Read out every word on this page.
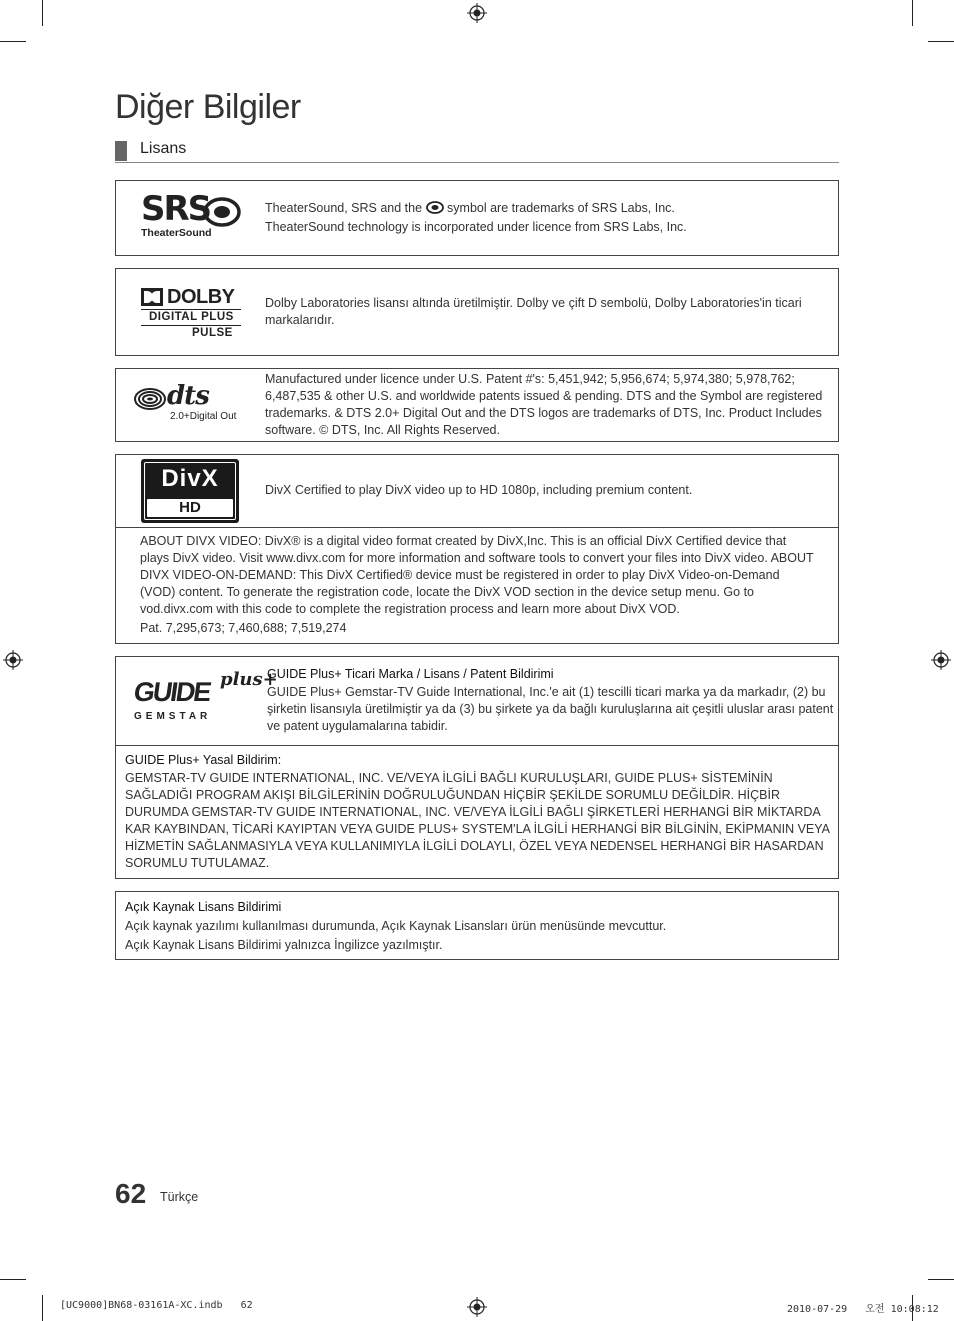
Diğer Bilgiler
Lisans
SRS
TheaterSound

TheaterSound, SRS and the symbol are trademarks of SRS Labs, Inc.

TheaterSound technology is incorporated under licence from SRS Labs, Inc.

DOLBY
DIGITAL PLUS
PULSE
Dolby Laboratories lisansı altında üretilmiştir. Dolby ve çift D sembolü, Dolby Laboratories'in ticari markalarıdır.
dts
2.0+Digital Out
Manufactured under licence under U.S. Patent #'s: 5,451,942; 5,956,674; 5,974,380; 5,978,762; 6,487,535 & other U.S. and worldwide patents issued & pending. DTS and the Symbol are registered trademarks. & DTS 2.0+ Digital Out and the DTS logos are trademarks of DTS, Inc. Product Includes software. © DTS, Inc. All Rights Reserved.
DivX
HD
DivX Certified to play DivX video up to HD 1080p, including premium content.
ABOUT DIVX VIDEO: DivX® is a digital video format created by DivX,Inc. This is an official DivX Certified device that plays DivX video. Visit www.divx.com for more information and software tools to convert your files into DivX video. ABOUT DIVX VIDEO-ON-DEMAND: This DivX Certified® device must be registered in order to play DivX Video-on-Demand (VOD) content. To generate the registration code, locate the DivX VOD section in the device setup menu. Go to vod.divx.com with this code to complete the registration process and learn more about DivX VOD.
Pat. 7,295,673; 7,460,688; 7,519,274
GUIDE plus+
GEMSTAR

GUIDE Plus+ Ticari Marka / Lisans / Patent Bildirimi

GUIDE Plus+ Gemstar-TV Guide International, Inc.'e ait (1) tescilli ticari marka ya da markadır, (2) bu şirketin lisansıyla üretilmiştir ya da (3) bu şirkete ya da bağlı kuruluşlarına ait çeşitli uluslar arası patent ve patent uygulamalarına tabidir.

GUIDE Plus+ Yasal Bildirim:

GEMSTAR-TV GUIDE INTERNATIONAL, INC. VE/VEYA İLGİLİ BAĞLI KURULUŞLARI, GUIDE PLUS+ SİSTEMİNİN SAĞLADIĞI PROGRAM AKIŞI BİLGİLERİNİN DOĞRULUĞUNDAN HİÇBİR ŞEKİLDE SORUMLU DEĞİLDİR. HİÇBİR DURUMDA GEMSTAR-TV GUIDE INTERNATIONAL, INC. VE/VEYA İLGİLİ BAĞLI ŞİRKETLERİ HERHANGİ BİR MİKTARDA KAR KAYBINDAN, TİCARİ KAYIPTAN VEYA GUIDE PLUS+ SYSTEM'LA İLGİLİ HERHANGİ BİR BİLGİNİN, EKİPMANIN VEYA HİZMETİN SAĞLANMASIYLA VEYA KULLANIMIYLA İLGİLİ DOLAYLI, ÖZEL VEYA NEDENSEL HERHANGİ BİR HASARDAN SORUMLU TUTULAMAZ.

Açık Kaynak Lisans Bildirimi

Açık kaynak yazılımı kullanılması durumunda, Açık Kaynak Lisansları ürün menüsünde mevcuttur.

Açık Kaynak Lisans Bildirimi yalnızca İngilizce yazılmıştır.

62 Türkçe
[UC9000]BN68-03161A-XC.indb   62	2010-07-29   오전 10:08:12
